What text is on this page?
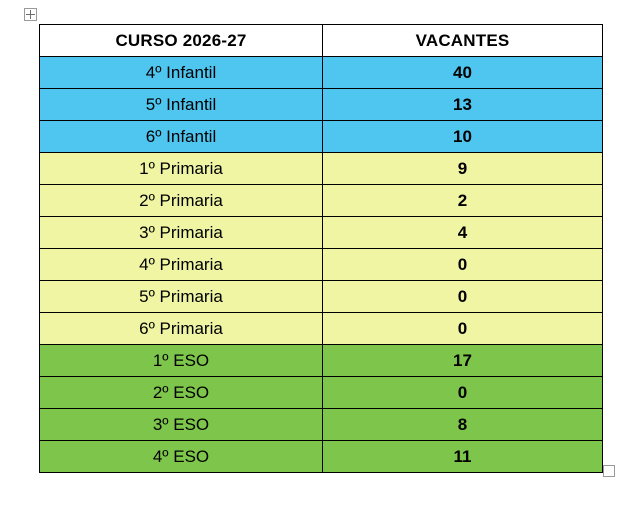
CURSO 2026-27	VACANTES
4º Infantil	40
5º Infantil	13
6º Infantil	10
1º Primaria	9
2º Primaria	2
3º Primaria	4
4º Primaria	0
5º Primaria	0
6º Primaria	0
1º ESO	17
2º ESO	0
3º ESO	8
4º ESO	11
